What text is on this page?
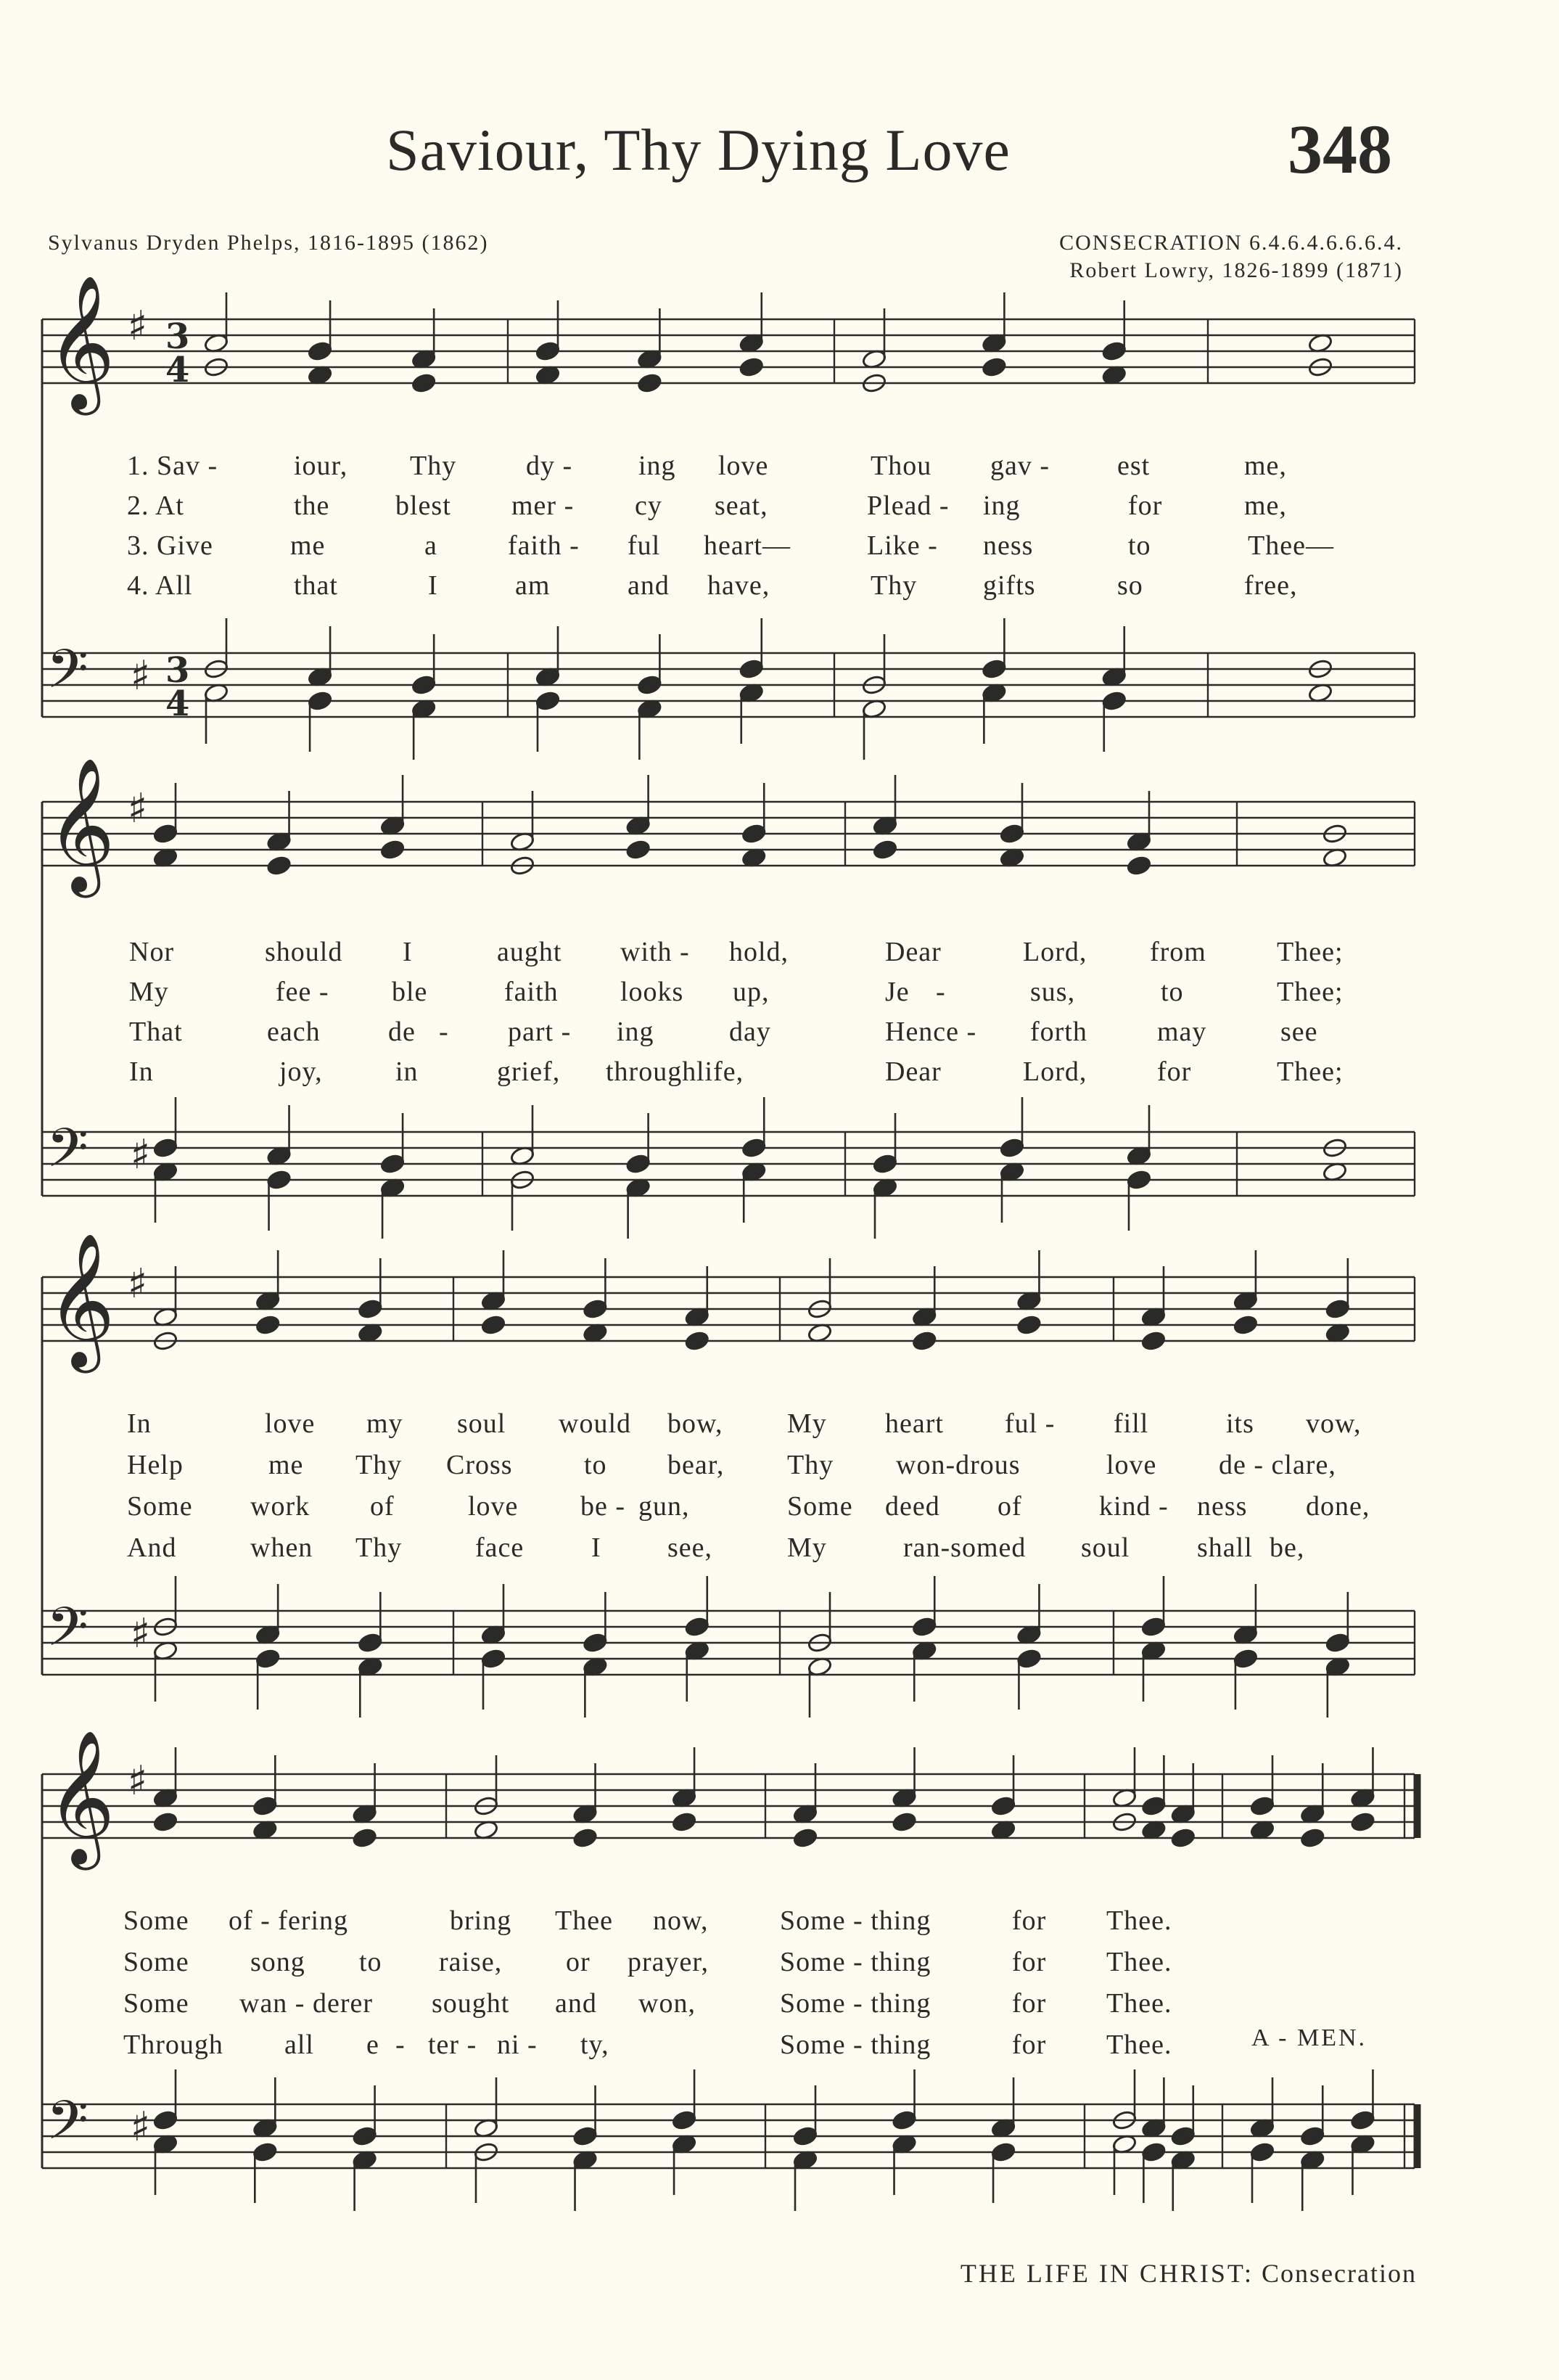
Saviour, Thy Dying Love	348
Sylvanus Dryden Phelps, 1816-1895 (1862)	CONSECRATION 6.4.6.4.6.6.6.4.
Robert Lowry, 1826-1899 (1871)
𝄞 ♯ 3
4
𝄢 ♯ 3
4
𝄞 ♯
𝄢 ♯
𝄞 ♯
𝄢 ♯
𝄞 ♯
𝄢 ♯
1. Sav -	iour, Thy	dy - ing love	Thou gav - est	me,
2. At	the blest mer - cy seat,	Plead - ing	for	me,
3. Give	me	a	faith - ful heart—	Like - ness	to	Thee—
4. All	that	I	am	and have,	Thy gifts	so	free,
Nor	should I	aught with - hold,	Dear	Lord, from	Thee;
My	fee - ble	faith looks up,	Je -	sus,	to	Thee;
That	each de - part - ing	day	Hence - forth	may	see
In	joy,	in	grief, through life,	Dear	Lord,	for	Thee;
In	love my soul would bow, My heart ful - fill	its vow,
Help	me Thy Cross	to bear, Thy won-drous	love de - clare,
Some work of	love be - gun,	Some deed of	kind - ness done,
And	when Thy	face I see,	My	ran-somed soul shall be,
Some of - fering	bring Thee now,	Some - thing	for Thee.
Some song to raise, or prayer,	Some - thing	for Thee.
Some wan - derer sought and won,	Some - thing	for Thee.
Through all e - ter - ni - ty,	Some - thing	for Thee.	A - MEN.
THE LIFE IN CHRIST: Consecration
